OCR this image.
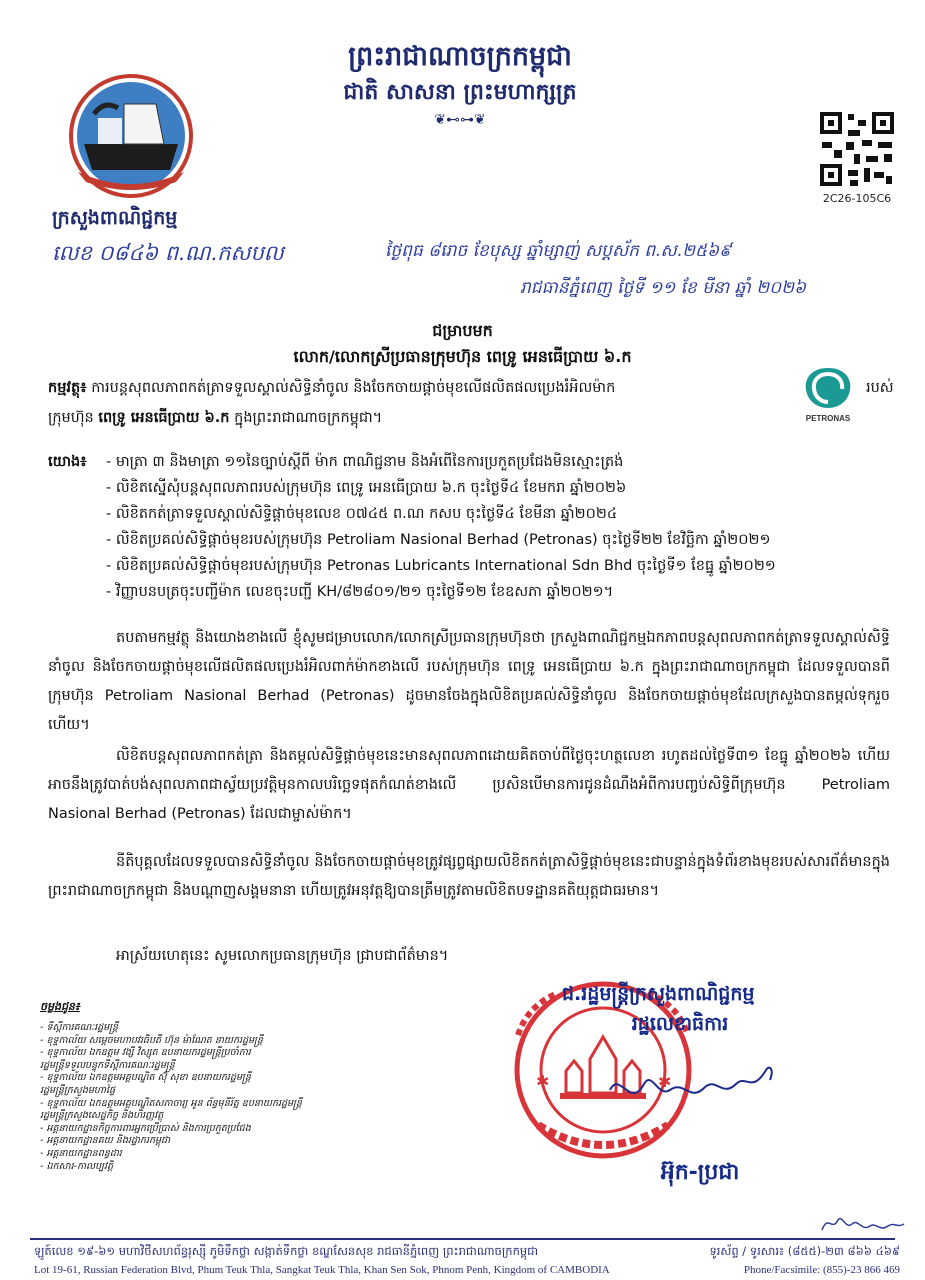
ព្រះរាជាណាចក្រកម្ពុជា
ជាតិ សាសនា ព្រះមហាក្សត្រ
❦⊷⊶❦
ក្រសួងពាណិជ្ជកម្ម
2C26-105C6
លេខ ០៨៤៦ ព.ណ.កសបល	ថ្ងៃពុធ ៨រោច ខែបុស្ស ឆ្នាំម្សាញ់ សប្តស័ក ព.ស.២៥៦៩
រាជធានីភ្នំពេញ ថ្ងៃទី ១១ ខែ មីនា ឆ្នាំ ២០២៦
ជម្រាបមក
លោក/លោកស្រីប្រធានក្រុមហ៊ុន ពេទ្រូ អេនធើប្រាយ ៦.ក
កម្មវត្ថុ៖ ការបន្តសុពលភាពកត់ត្រាទទួលស្គាល់សិទ្ធិនាំចូល និងចែកចាយផ្តាច់មុខលើផលិតផលប្រេងរំអិលម៉ាក	របស់
PETRONAS
ក្រុមហ៊ុន ពេទ្រូ អេនធើប្រាយ ៦.ក ក្នុងព្រះរាជាណាចក្រកម្ពុជា។
យោង៖ - មាត្រា ៣ និងមាត្រា ១១នៃច្បាប់ស្តីពី ម៉ាក ពាណិជ្ជនាម និងអំពើនៃការប្រកួតប្រជែងមិនស្មោះត្រង់
- លិខិតស្នើសុំបន្តសុពលភាពរបស់ក្រុមហ៊ុន ពេទ្រូ អេនធើប្រាយ ៦.ក ចុះថ្ងៃទី៤ ខែមករា ឆ្នាំ២០២៦
- លិខិតកត់ត្រាទទួលស្គាល់សិទ្ធិផ្តាច់មុខលេខ ០៧៤៥ ព.ណ កសប ចុះថ្ងៃទី៤ ខែមីនា ឆ្នាំ២០២៤
- លិខិតប្រគល់សិទ្ធិផ្តាច់មុខរបស់ក្រុមហ៊ុន Petroliam Nasional Berhad (Petronas) ចុះថ្ងៃទី២២ ខែវិច្ឆិកា ឆ្នាំ២០២១
- លិខិតប្រគល់សិទ្ធិផ្តាច់មុខរបស់ក្រុមហ៊ុន Petronas Lubricants International Sdn Bhd ចុះថ្ងៃទី១ ខែធ្នូ ឆ្នាំ២០២១
- វិញ្ញាបនបត្រចុះបញ្ជីម៉ាក លេខចុះបញ្ជី KH/៨២៨០១/២១ ចុះថ្ងៃទី១២ ខែឧសភា ឆ្នាំ២០២១។
តបតាមកម្មវត្ថុ និងយោងខាងលើ ខ្ញុំសូមជម្រាបលោក/លោកស្រីប្រធានក្រុមហ៊ុនថា ក្រសួងពាណិជ្ជកម្មឯកភាពបន្តសុពលភាពកត់ត្រាទទួលស្គាល់សិទ្ធិនាំចូល និងចែកចាយផ្តាច់មុខលើផលិតផលប្រេងរំអិលពាក់ម៉ាកខាងលើ របស់ក្រុមហ៊ុន ពេទ្រូ អេនធើប្រាយ ៦.ក ក្នុងព្រះរាជាណាចក្រកម្ពុជា ដែលទទួលបានពីក្រុមហ៊ុន Petroliam Nasional Berhad (Petronas) ដូចមានចែងក្នុងលិខិតប្រគល់សិទ្ធិនាំចូល និងចែកចាយផ្តាច់មុខដែលក្រសួងបានតម្កល់ទុករួចហើយ។
លិខិតបន្តសុពលភាពកត់ត្រា និងតម្កល់សិទ្ធិផ្តាច់មុខនេះមានសុពលភាពដោយគិតចាប់ពីថ្ងៃចុះហត្ថលេខា រហូតដល់ថ្ងៃទី៣១ ខែធ្នូ ឆ្នាំ២០២៦ ហើយអាចនឹងត្រូវបាត់បង់សុពលភាពជាស្វ័យប្រវត្តិមុនកាលបរិច្ឆេទផុតកំណត់ខាងលើ ប្រសិនបើមានការជូនដំណឹងអំពីការបញ្ចប់សិទ្ធិពីក្រុមហ៊ុន Petroliam Nasional Berhad (Petronas) ដែលជាម្ចាស់ម៉ាក។
នីតិបុគ្គលដែលទទួលបានសិទ្ធិនាំចូល និងចែកចាយផ្តាច់មុខត្រូវផ្សព្វផ្សាយលិខិតកត់ត្រាសិទ្ធិផ្តាច់មុខនេះជាបន្ទាន់ក្នុងទំព័រខាងមុខរបស់សារព័ត៌មានក្នុងព្រះរាជាណាចក្រកម្ពុជា និងបណ្តាញសង្គមនានា ហើយត្រូវអនុវត្តឱ្យបានត្រឹមត្រូវតាមលិខិតបទដ្ឋានគតិយុត្តជាធរមាន។
អាស្រ័យហេតុនេះ សូមលោកប្រធានក្រុមហ៊ុន ជ្រាបជាព័ត៌មាន។
✱	✱
ជ.រដ្ឋមន្ត្រីក្រសួងពាណិជ្ជកម្ម
រដ្ឋលេខាធិការ
អ៊ុក-ប្រជា
ចម្លងជូន៖
- ទីស្តីការគណៈរដ្ឋមន្ត្រី
- ខុទ្ទកាល័យ សម្តេចមហាបវរធិបតី ហ៊ុន ម៉ាណែត នាយករដ្ឋមន្ត្រី
- ខុទ្ទកាល័យ ឯកឧត្តម វង្សី វិស្សុត ឧបនាយករដ្ឋមន្ត្រីប្រចាំការ
រដ្ឋមន្ត្រីទទួលបន្ទុកទីស្តីការគណៈរដ្ឋមន្ត្រី
- ខុទ្ទកាល័យ ឯកឧត្តមអគ្គបណ្ឌិត ស៊ុំ សុខា ឧបនាយករដ្ឋមន្ត្រី
រដ្ឋមន្ត្រីក្រសួងមហាផ្ទៃ
- ខុទ្ទកាល័យ ឯកឧត្តមអគ្គបណ្ឌិតសភាចារ្យ អូន ព័ន្ធមុនីរ័ត្ន ឧបនាយករដ្ឋមន្ត្រី
រដ្ឋមន្ត្រីក្រសួងសេដ្ឋកិច្ច និងហិរញ្ញវត្ថុ
- អគ្គនាយកដ្ឋានកិច្ចការពារអ្នកប្រើប្រាស់ និងការប្រកួតប្រជែង
- អគ្គនាយកដ្ឋានគយ និងរដ្ឋាករកម្ពុជា
- អគ្គនាយកដ្ឋានពន្ធដារ
- ឯកសារ-កាលប្បវត្តិ
ឡូត៍លេខ ១៩-៦១ មហាវិថីសហព័ន្ធរុស្ស៊ី ភូមិទឹកថ្លា សង្កាត់ទឹកថ្លា ខណ្ឌសែនសុខ រាជធានីភ្នំពេញ ព្រះរាជាណាចក្រកម្ពុជា	ទូរស័ព្ទ / ទូរសារ៖ (៨៥៥)-២៣ ៨៦៦ ៤៦៩
Lot 19-61, Russian Federation Blvd, Phum Teuk Thla, Sangkat Teuk Thla, Khan Sen Sok, Phnom Penh, Kingdom of CAMBODIA	Phone/Facsimile: (855)-23 866 469
